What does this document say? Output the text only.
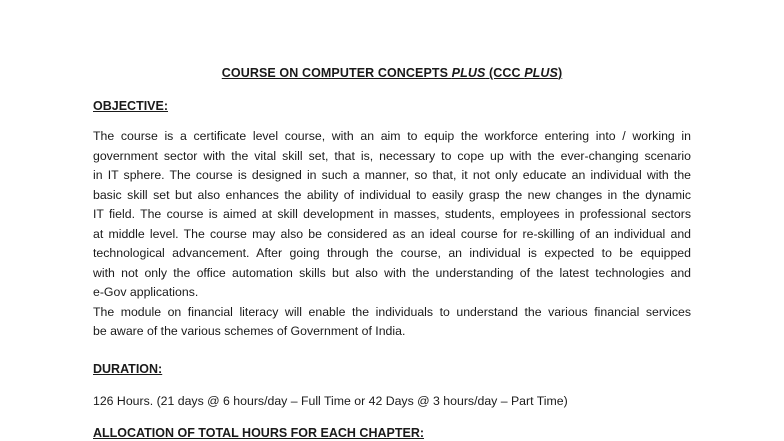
COURSE ON COMPUTER CONCEPTS PLUS (CCC PLUS)
OBJECTIVE:
The course is a certificate level course, with an aim to equip the workforce entering into / working in
government sector with the vital skill set, that is, necessary to cope up with the ever-changing scenario
in IT sphere. The course is designed in such a manner, so that, it not only educate an individual with the
basic skill set but also enhances the ability of individual to easily grasp the new changes in the dynamic
IT field. The course is aimed at skill development in masses, students, employees in professional sectors
at middle level. The course may also be considered as an ideal course for re-skilling of an individual and
technological advancement. After going through the course, an individual is expected to be equipped
with not only the office automation skills but also with the understanding of the latest technologies and
e-Gov applications.
The module on financial literacy will enable the individuals to understand the various financial services
be aware of the various schemes of Government of India.
DURATION:
126 Hours. (21 days @ 6 hours/day – Full Time or 42 Days @ 3 hours/day – Part Time)
ALLOCATION OF TOTAL HOURS FOR EACH CHAPTER:
